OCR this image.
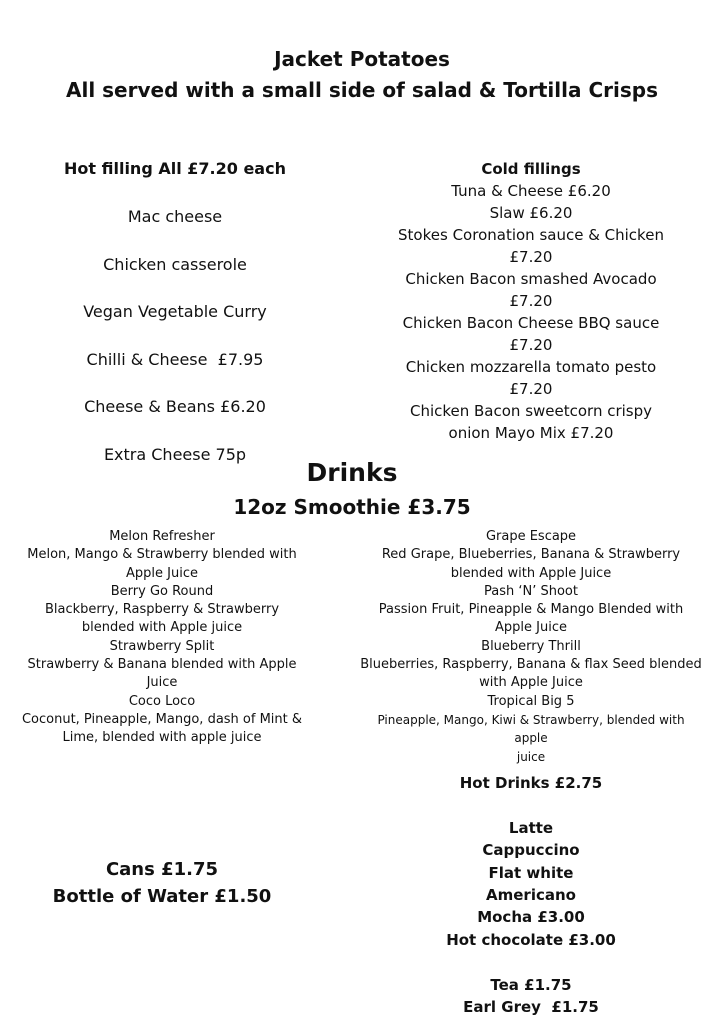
Jacket Potatoes
All served with a small side of salad & Tortilla Crisps
Hot filling All £7.20 each
Mac cheese
Chicken casserole
Vegan Vegetable Curry
Chilli & Cheese  £7.95
Cheese & Beans £6.20
Extra Cheese 75p
Cold fillings
Tuna & Cheese £6.20
Slaw £6.20
Stokes Coronation sauce & Chicken
£7.20
Chicken Bacon smashed Avocado
£7.20
Chicken Bacon Cheese BBQ sauce
£7.20
Chicken mozzarella tomato pesto
£7.20
Chicken Bacon sweetcorn crispy
onion Mayo Mix £7.20
Drinks
12oz Smoothie £3.75
Melon Refresher
Melon, Mango & Strawberry blended with
Apple Juice
Berry Go Round
Blackberry, Raspberry & Strawberry
blended with Apple juice
Strawberry Split
Strawberry & Banana blended with Apple
Juice
Coco Loco
Coconut, Pineapple, Mango, dash of Mint &
Lime, blended with apple juice
Grape Escape
Red Grape, Blueberries, Banana & Strawberry
blended with Apple Juice
Pash ‘N’ Shoot
Passion Fruit, Pineapple & Mango Blended with
Apple Juice
Blueberry Thrill
Blueberries, Raspberry, Banana & flax Seed blended
with Apple Juice
Tropical Big 5
Pineapple, Mango, Kiwi & Strawberry, blended with apple
juice
Hot Drinks £2.75
Latte
Cappuccino
Flat white
Americano
Mocha £3.00
Hot chocolate £3.00
Tea £1.75
Earl Grey  £1.75
Cans £1.75
Bottle of Water £1.50
